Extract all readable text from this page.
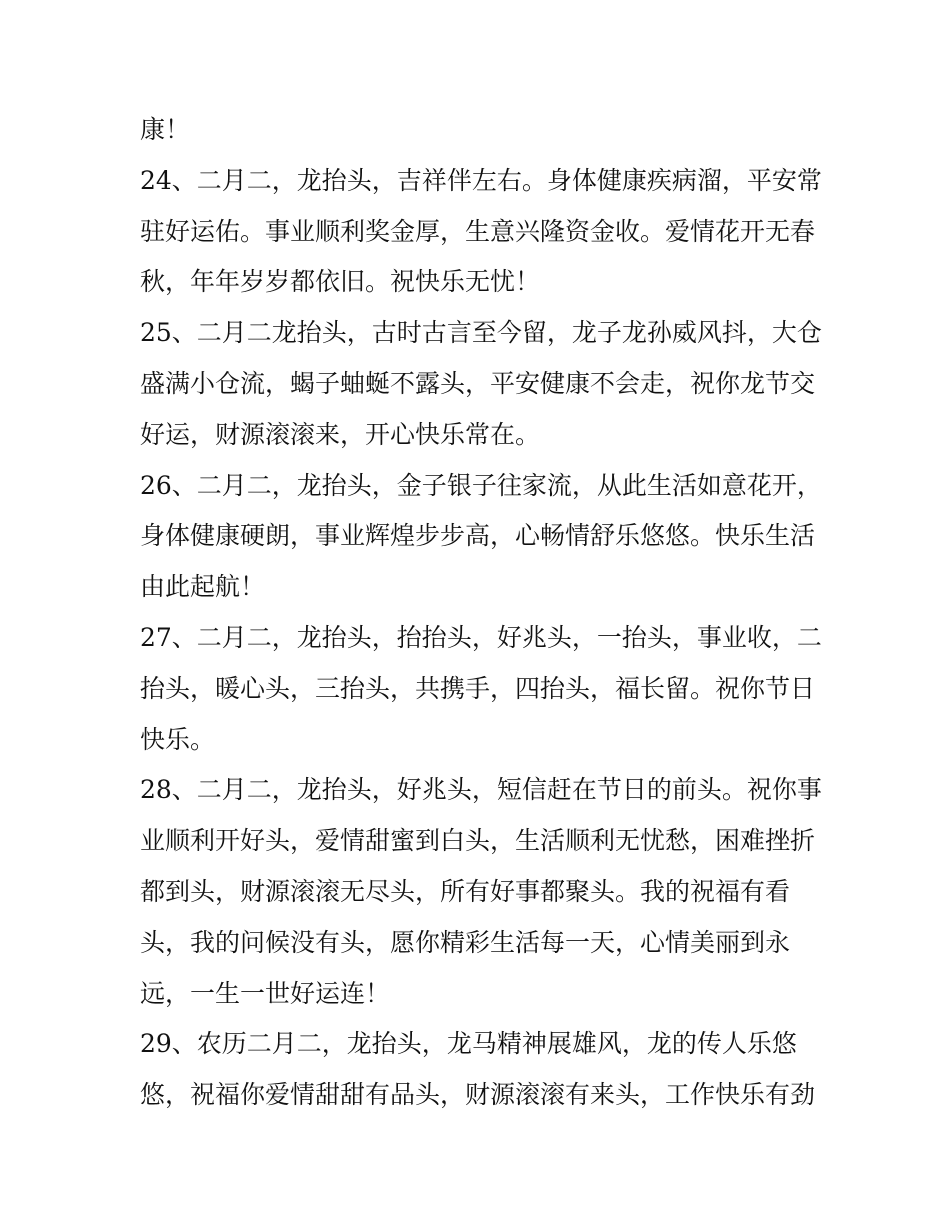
康！
24、二月二，龙抬头，吉祥伴左右。身体健康疾病溜，平安常
驻好运佑。事业顺利奖金厚，生意兴隆资金收。爱情花开无春
秋，年年岁岁都依旧。祝快乐无忧！
25、二月二龙抬头，古时古言至今留，龙子龙孙威风抖，大仓
盛满小仓流，蝎子蚰蜒不露头，平安健康不会走，祝你龙节交
好运，财源滚滚来，开心快乐常在。
26、二月二，龙抬头，金子银子往家流，从此生活如意花开，
身体健康硬朗，事业辉煌步步高，心畅情舒乐悠悠。快乐生活
由此起航！
27、二月二，龙抬头，抬抬头，好兆头，一抬头，事业收，二
抬头，暖心头，三抬头，共携手，四抬头，福长留。祝你节日
快乐。
28、二月二，龙抬头，好兆头，短信赶在节日的前头。祝你事
业顺利开好头，爱情甜蜜到白头，生活顺利无忧愁，困难挫折
都到头，财源滚滚无尽头，所有好事都聚头。我的祝福有看
头，我的问候没有头，愿你精彩生活每一天，心情美丽到永
远，一生一世好运连！
29、农历二月二，龙抬头，龙马精神展雄风，龙的传人乐悠
悠，祝福你爱情甜甜有品头，财源滚滚有来头，工作快乐有劲
